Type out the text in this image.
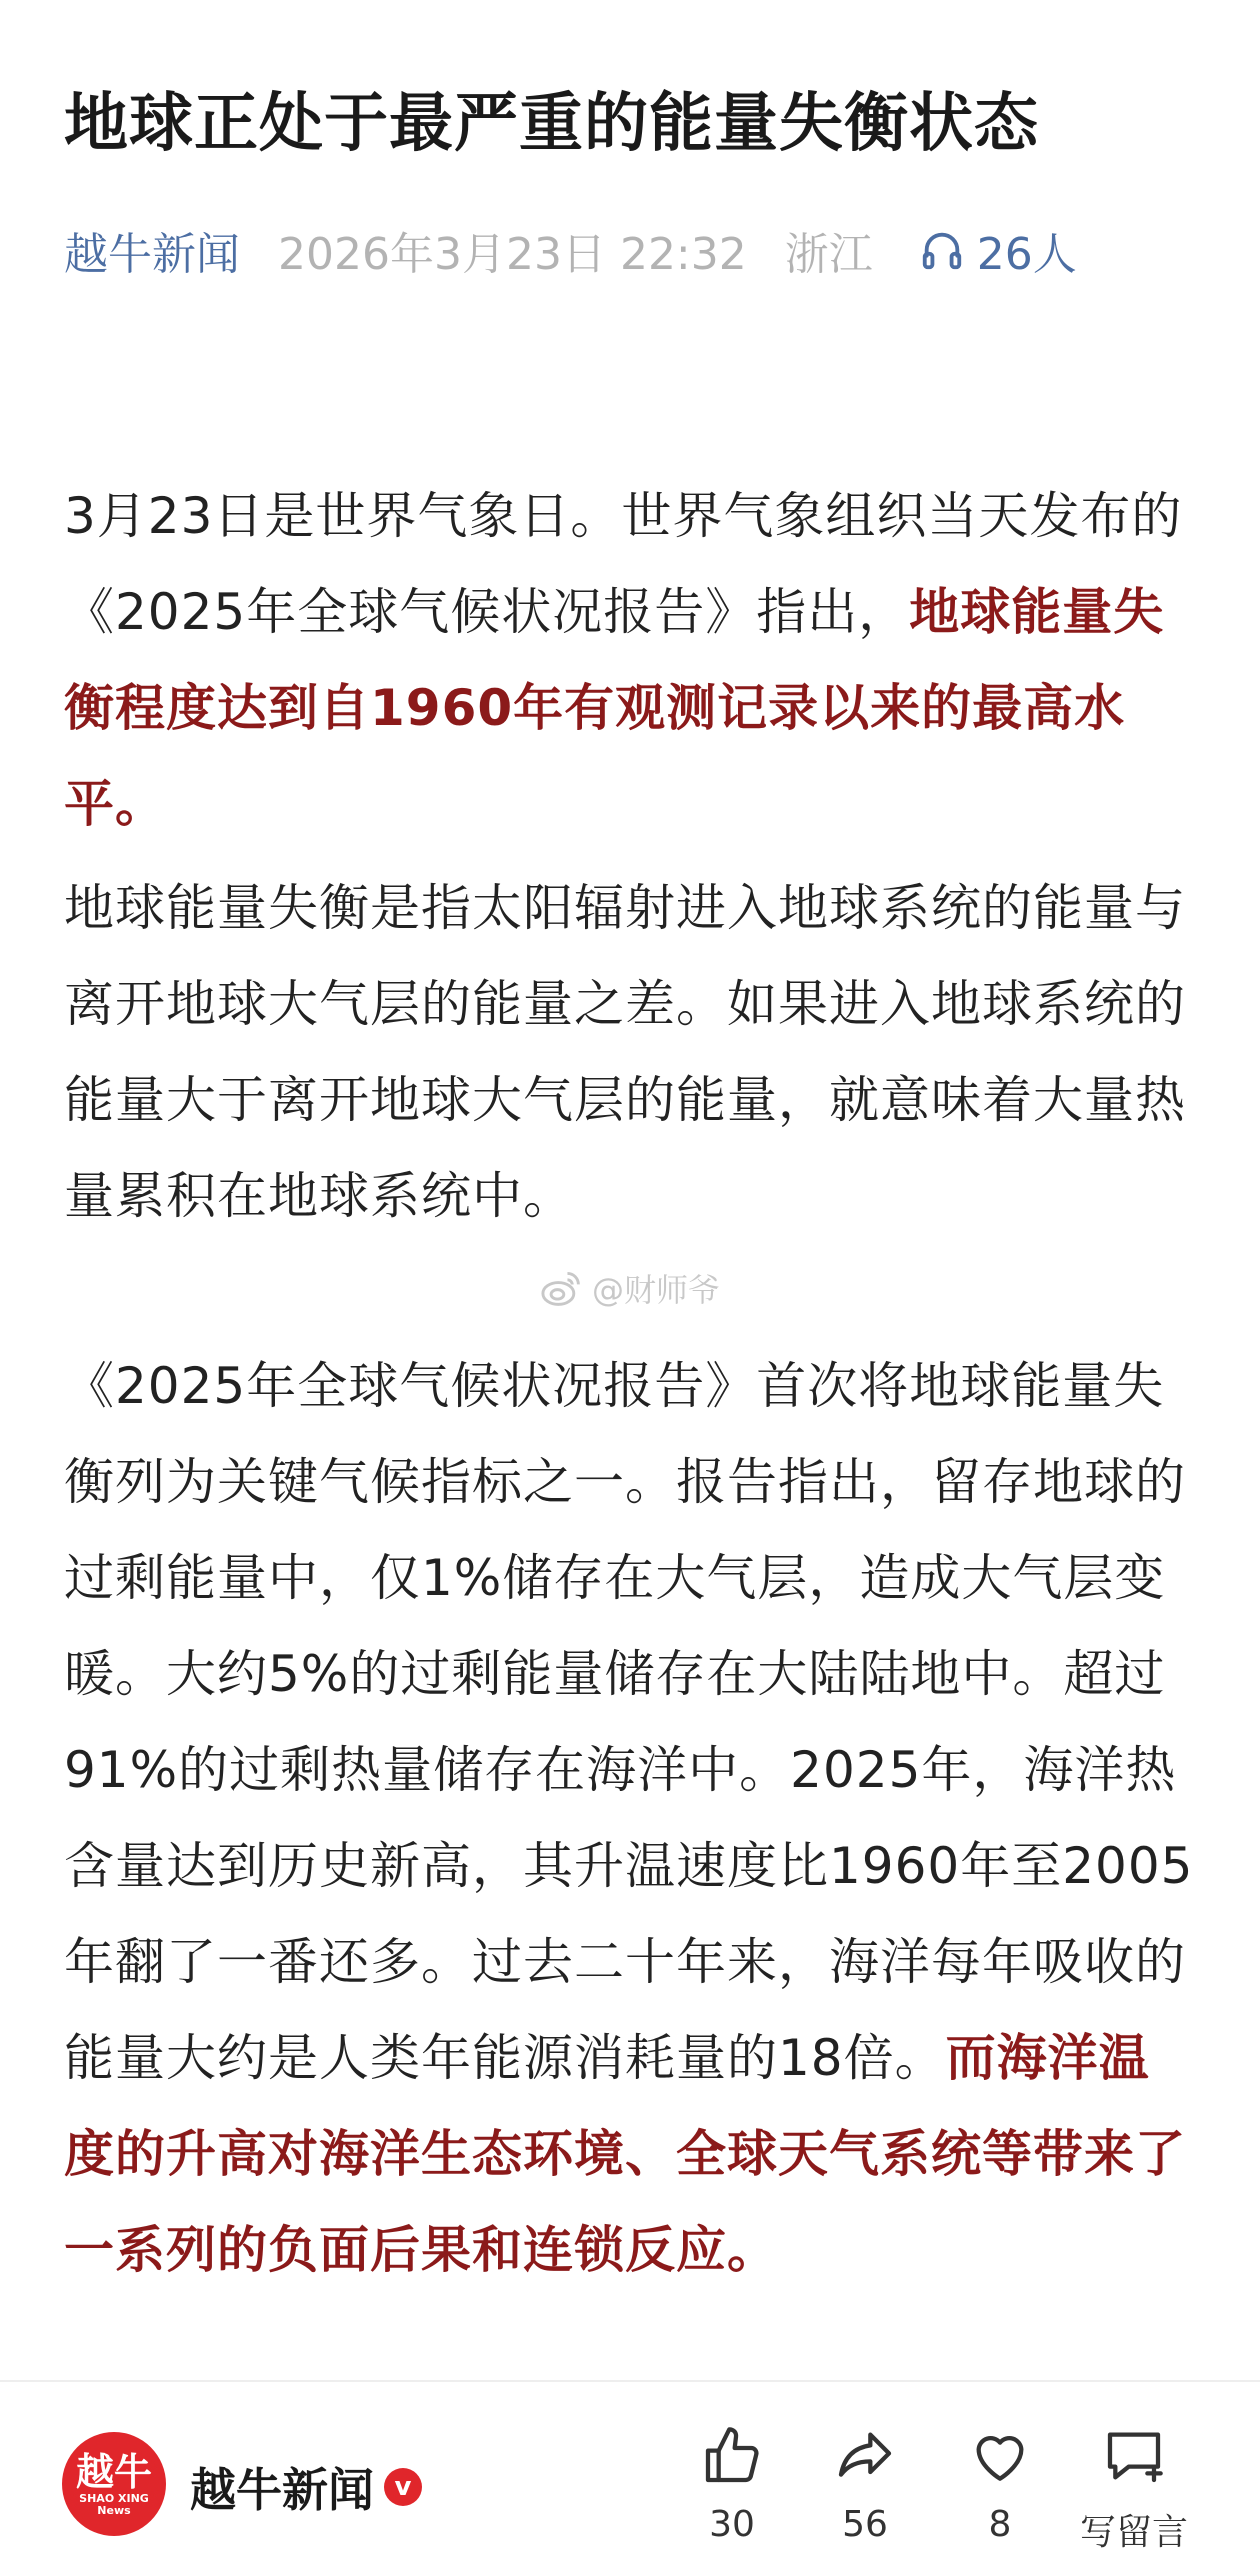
地球正处于最严重的能量失衡状态
越牛新闻 2026年3月23日 22:32 浙江 26人

3月23日是世界气象日。世界气象组织当天发布的《2025年全球气候状况报告》指出，地球能量失衡程度达到自1960年有观测记录以来的最高水平。

地球能量失衡是指太阳辐射进入地球系统的能量与离开地球大气层的能量之差。如果进入地球系统的能量大于离开地球大气层的能量，就意味着大量热量累积在地球系统中。

@财师爷

《2025年全球气候状况报告》首次将地球能量失衡列为关键气候指标之一。报告指出，留存地球的过剩能量中，仅1%储存在大气层，造成大气层变暖。大约5%的过剩能量储存在大陆陆地中。超过91%的过剩热量储存在海洋中。2025年，海洋热含量达到历史新高，其升温速度比1960年至2005年翻了一番还多。过去二十年来，海洋每年吸收的能量大约是人类年能源消耗量的18倍。而海洋温度的升高对海洋生态环境、全球天气系统等带来了一系列的负面后果和连锁反应。

越牛
SHAO XING
News 越牛新闻 v
30 56	8 写留言
